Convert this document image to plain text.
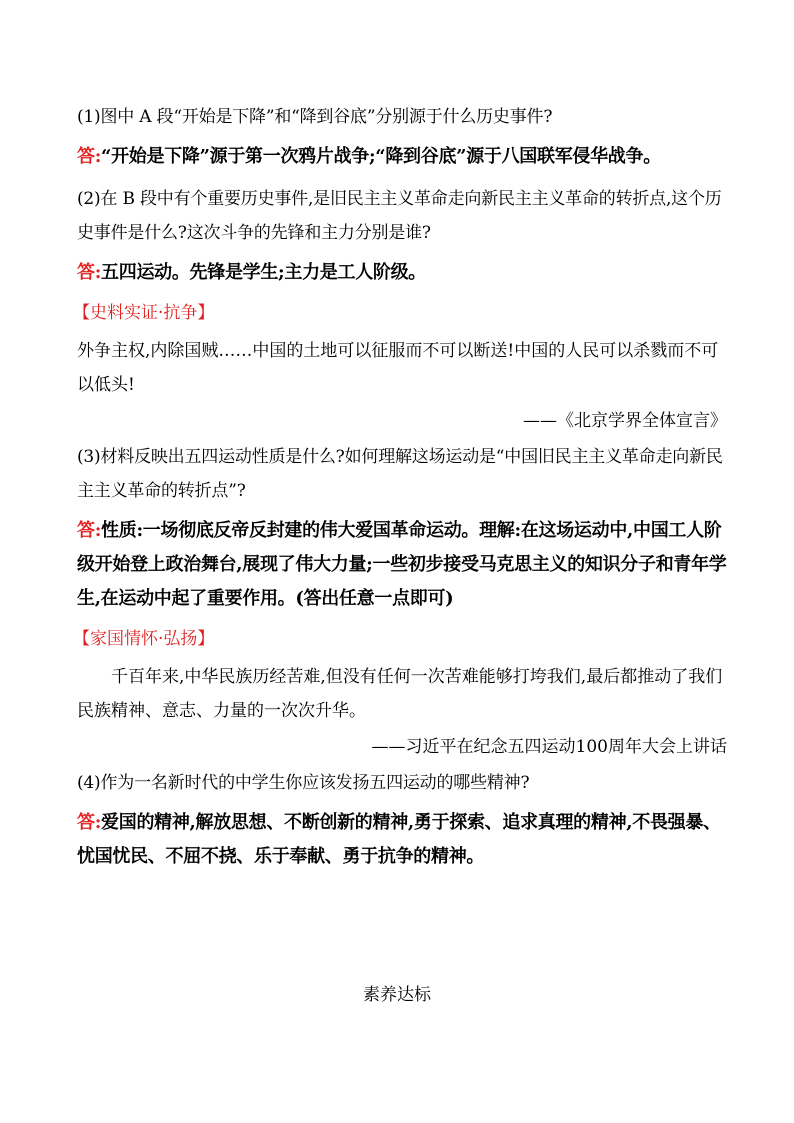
(1)图中 A 段“开始是下降”和“降到谷底”分别源于什么历史事件?

答:“开始是下降”源于第一次鸦片战争;“降到谷底”源于八国联军侵华战争。

(2)在 B 段中有个重要历史事件,是旧民主主义革命走向新民主主义革命的转折点,这个历史事件是什么?这次斗争的先锋和主力分别是谁?

答:五四运动。先锋是学生;主力是工人阶级。

【史料实证·抗争】

外争主权,内除国贼……中国的土地可以征服而不可以断送!中国的人民可以杀戮而不可以低头!

——《北京学界全体宣言》

(3)材料反映出五四运动性质是什么?如何理解这场运动是“中国旧民主主义革命走向新民主主义革命的转折点”?

答:性质:一场彻底反帝反封建的伟大爱国革命运动。理解:在这场运动中,中国工人阶级开始登上政治舞台,展现了伟大力量;一些初步接受马克思主义的知识分子和青年学生,在运动中起了重要作用。(答出任意一点即可)

【家国情怀·弘扬】

千百年来,中华民族历经苦难,但没有任何一次苦难能够打垮我们,最后都推动了我们民族精神、意志、力量的一次次升华。

——习近平在纪念五四运动100周年大会上讲话

(4)作为一名新时代的中学生你应该发扬五四运动的哪些精神?

答:爱国的精神,解放思想、不断创新的精神,勇于探索、追求真理的精神,不畏强暴、忧国忧民、不屈不挠、乐于奉献、勇于抗争的精神。

素养达标
